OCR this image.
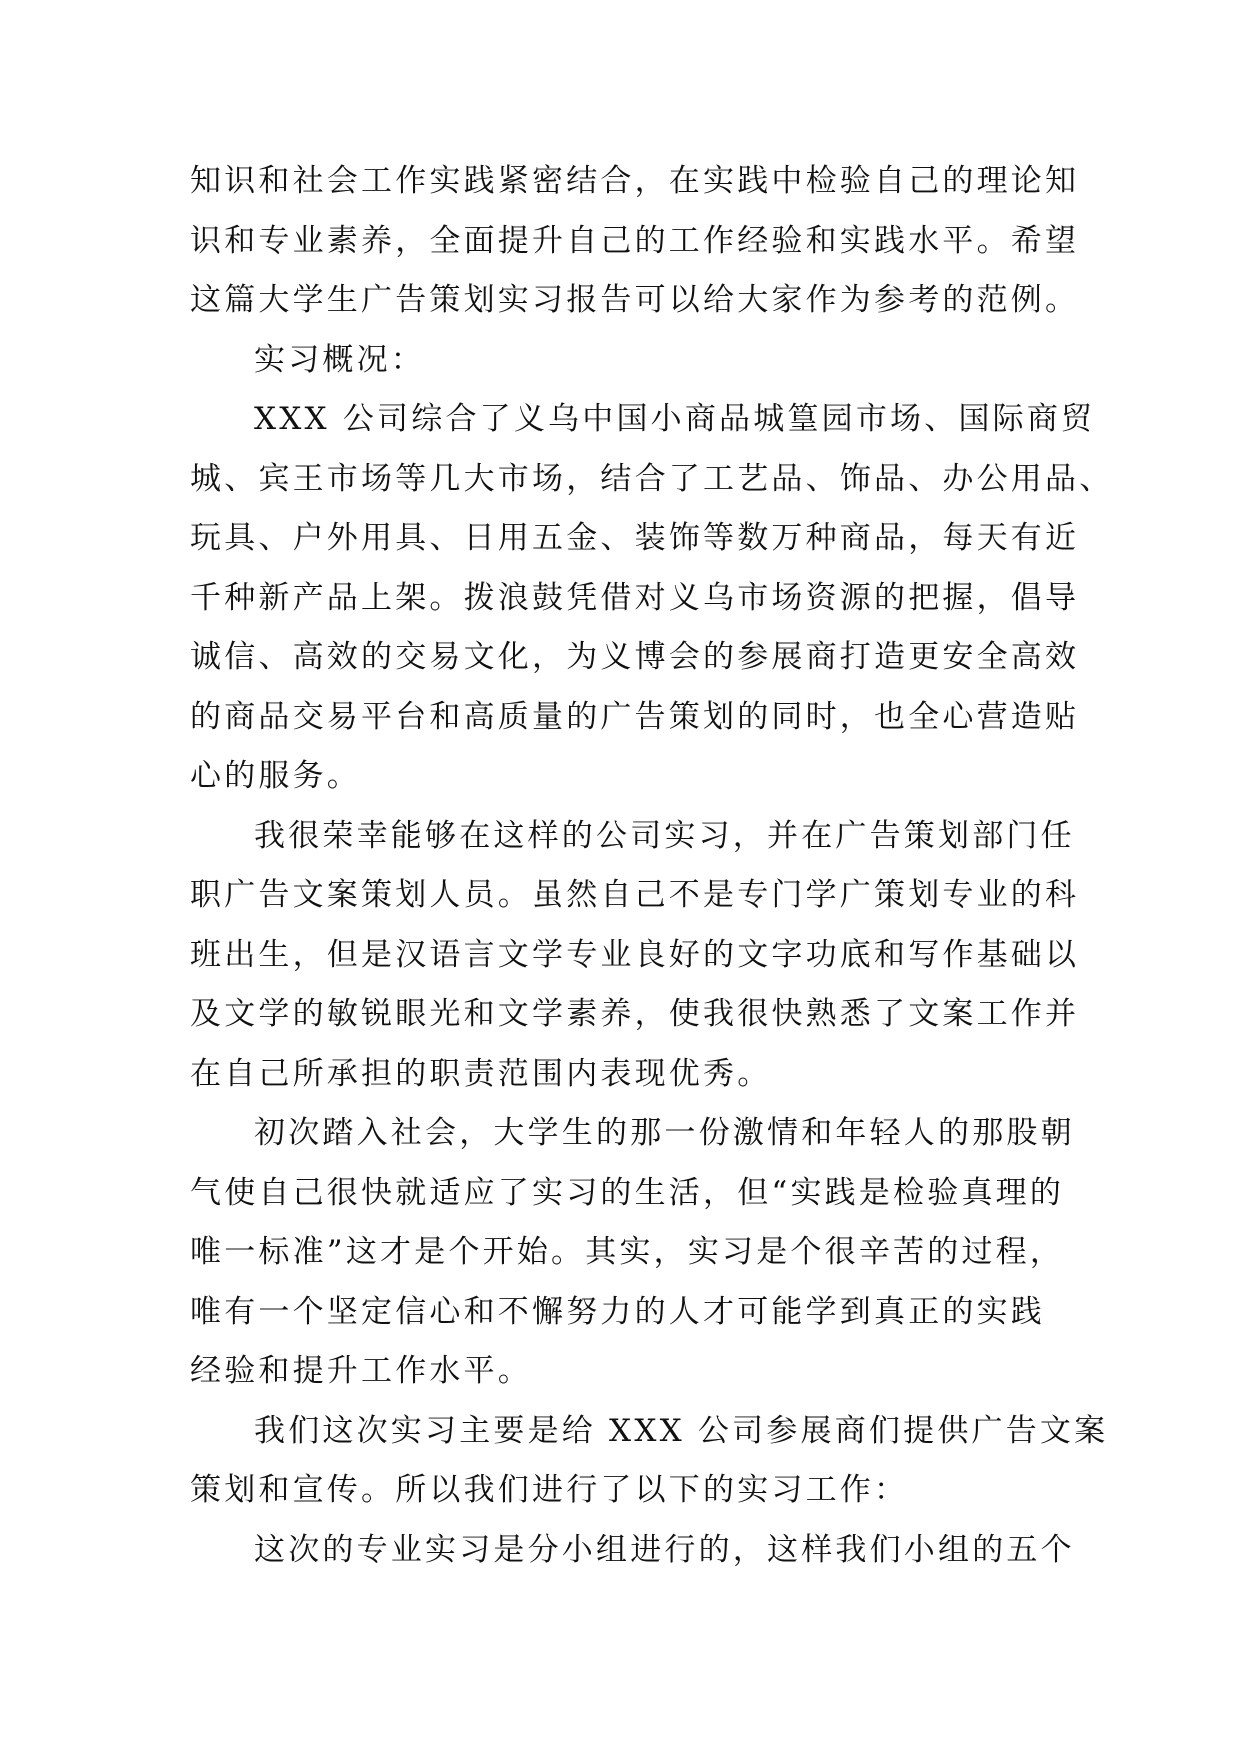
知识和社会工作实践紧密结合，在实践中检验自己的理论知
识和专业素养，全面提升自己的工作经验和实践水平。希望
这篇大学生广告策划实习报告可以给大家作为参考的范例。
实习概况：
XXX 公司综合了义乌中国小商品城篁园市场、国际商贸
城、宾王市场等几大市场，结合了工艺品、饰品、办公用品、
玩具、户外用具、日用五金、装饰等数万种商品，每天有近
千种新产品上架。拨浪鼓凭借对义乌市场资源的把握，倡导
诚信、高效的交易文化，为义博会的参展商打造更安全高效
的商品交易平台和高质量的广告策划的同时，也全心营造贴
心的服务。
我很荣幸能够在这样的公司实习，并在广告策划部门任
职广告文案策划人员。虽然自己不是专门学广策划专业的科
班出生，但是汉语言文学专业良好的文字功底和写作基础以
及文学的敏锐眼光和文学素养，使我很快熟悉了文案工作并
在自己所承担的职责范围内表现优秀。
初次踏入社会，大学生的那一份激情和年轻人的那股朝
气使自己很快就适应了实习的生活，但“实践是检验真理的
唯一标准”这才是个开始。其实，实习是个很辛苦的过程，
唯有一个坚定信心和不懈努力的人才可能学到真正的实践
经验和提升工作水平。
我们这次实习主要是给 XXX 公司参展商们提供广告文案
策划和宣传。所以我们进行了以下的实习工作：
这次的专业实习是分小组进行的，这样我们小组的五个
